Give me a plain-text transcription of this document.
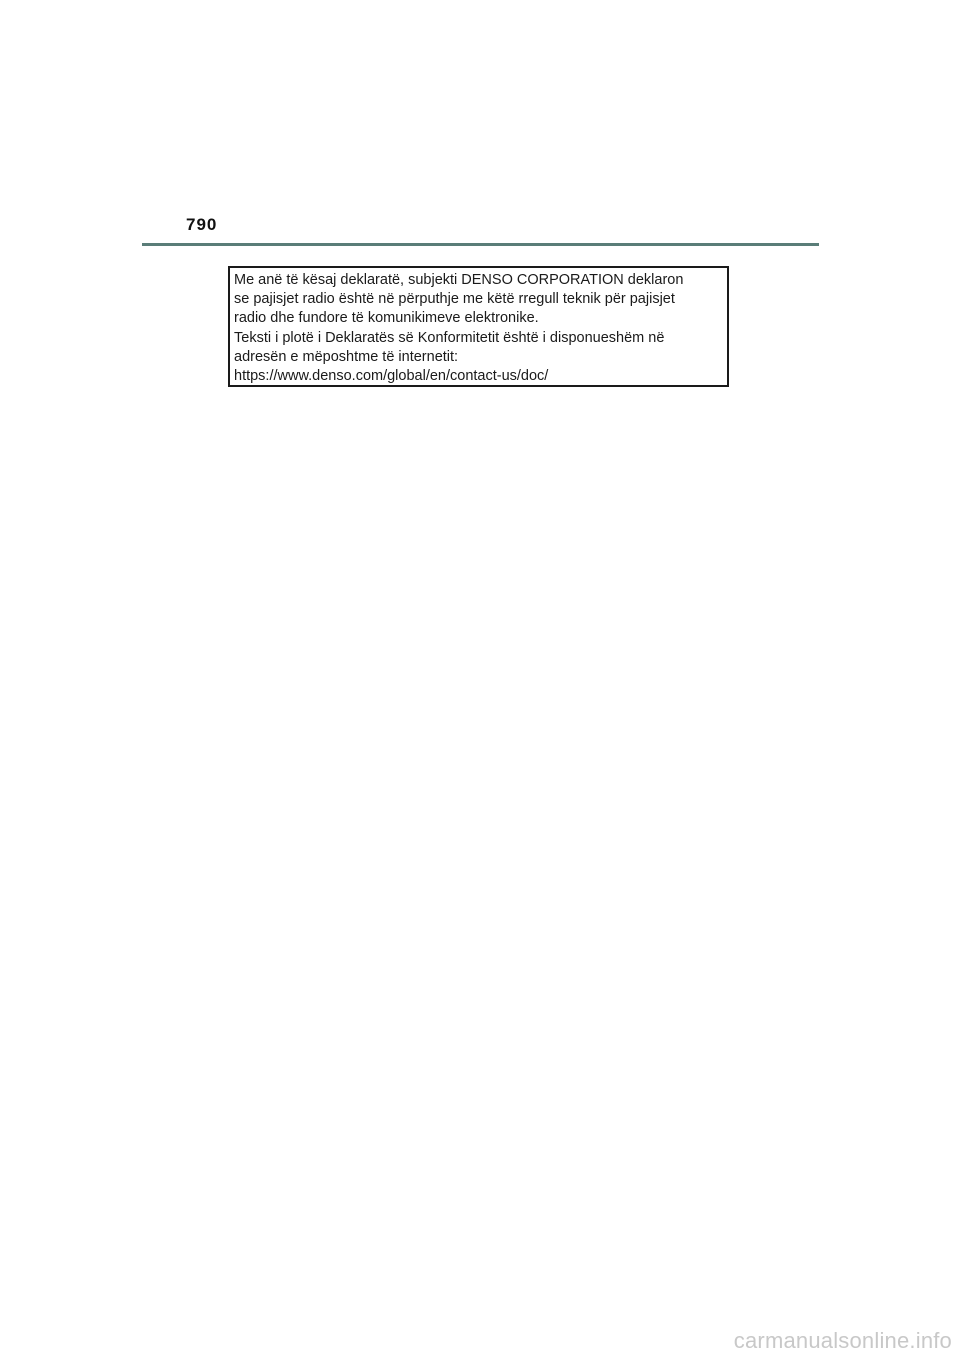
790
Me anë të kësaj deklaratë, subjekti DENSO CORPORATION deklaron
se pajisjet radio është në përputhje me këtë rregull teknik për pajisjet
radio dhe fundore të komunikimeve elektronike.
Teksti i plotë i Deklaratës së Konformitetit është i disponueshëm në
adresën e mëposhtme të internetit:
https://www.denso.com/global/en/contact-us/doc/
carmanualsonline.info
